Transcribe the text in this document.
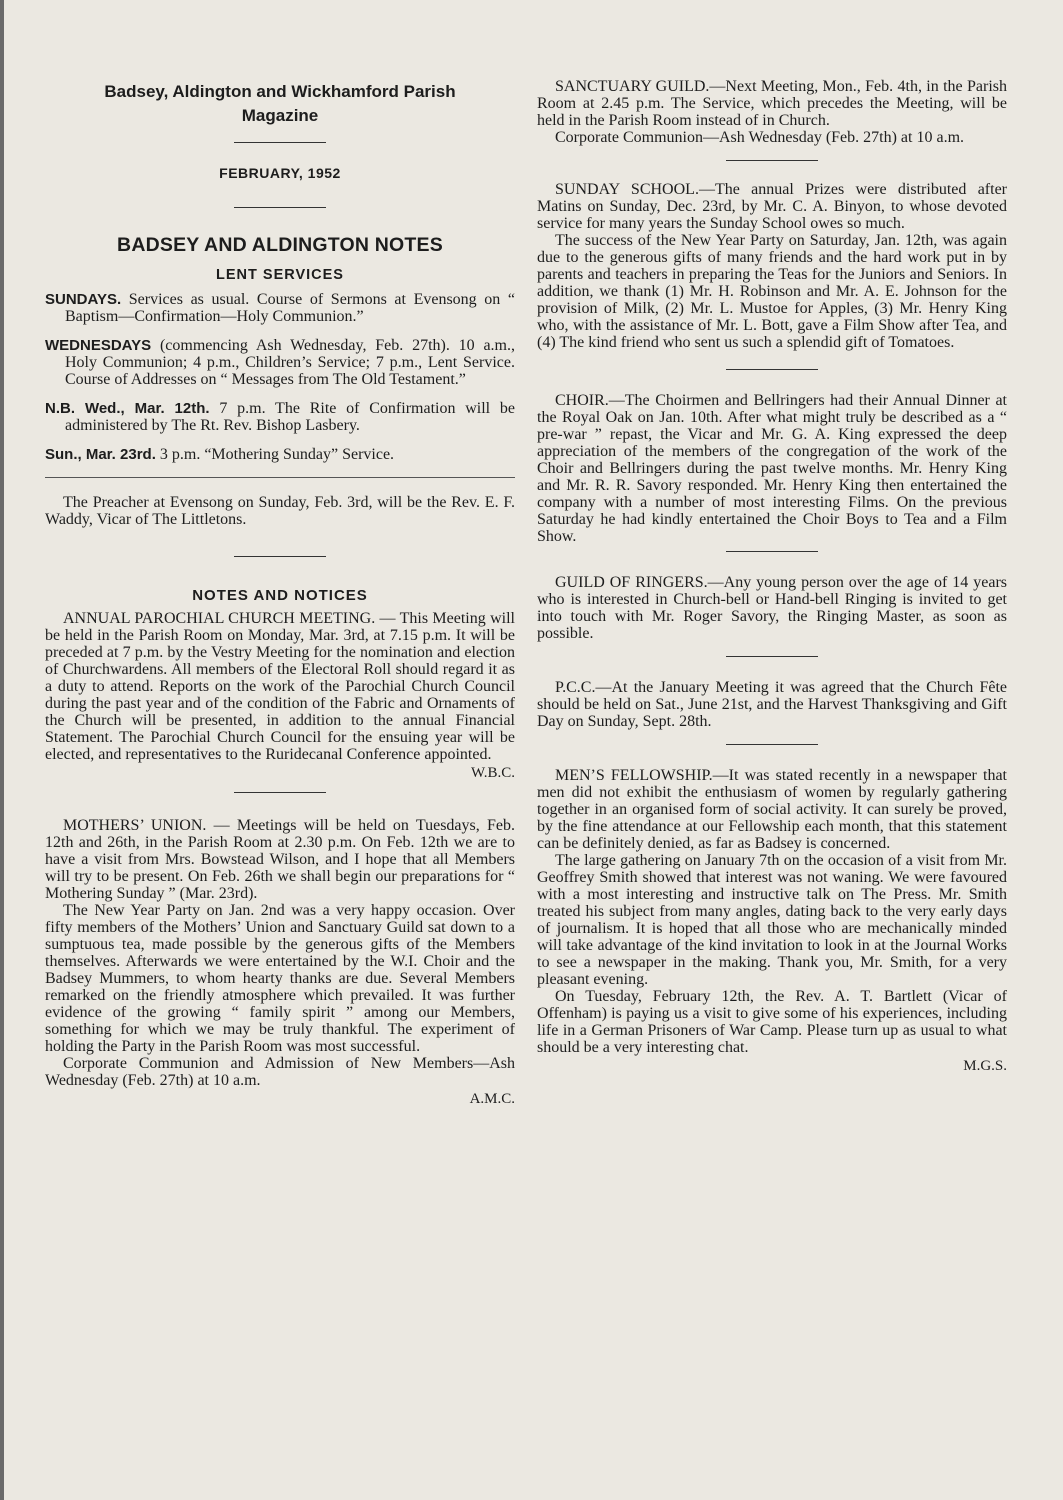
Badsey, Aldington and Wickhamford Parish
Magazine
FEBRUARY, 1952
BADSEY AND ALDINGTON NOTES
LENT SERVICES
SUNDAYS. Services as usual. Course of Sermons at Evensong on “ Baptism—Confirmation—Holy Communion.”
WEDNESDAYS (commencing Ash Wednesday, Feb. 27th). 10 a.m., Holy Communion; 4 p.m., Children’s Service; 7 p.m., Lent Service. Course of Addresses on “ Messages from The Old Testament.”
N.B. Wed., Mar. 12th. 7 p.m. The Rite of Confirmation will be administered by The Rt. Rev. Bishop Lasbery.
Sun., Mar. 23rd. 3 p.m. “Mothering Sunday” Service.

The Preacher at Evensong on Sunday, Feb. 3rd, will be the Rev. E. F. Waddy, Vicar of The Littletons.

NOTES AND NOTICES

ANNUAL PAROCHIAL CHURCH MEETING. — This Meeting will be held in the Parish Room on Monday, Mar. 3rd, at 7.15 p.m. It will be preceded at 7 p.m. by the Vestry Meeting for the nomination and election of Churchwardens. All members of the Electoral Roll should regard it as a duty to attend. Reports on the work of the Parochial Church Council during the past year and of the condition of the Fabric and Ornaments of the Church will be presented, in addition to the annual Financial Statement. The Parochial Church Council for the ensuing year will be elected, and representatives to the Ruridecanal Conference appointed.

W.B.C.

MOTHERS’ UNION. — Meetings will be held on Tuesdays, Feb. 12th and 26th, in the Parish Room at 2.30 p.m. On Feb. 12th we are to have a visit from Mrs. Bowstead Wilson, and I hope that all Members will try to be present. On Feb. 26th we shall begin our preparations for “ Mothering Sunday ” (Mar. 23rd).

The New Year Party on Jan. 2nd was a very happy occasion. Over fifty members of the Mothers’ Union and Sanctuary Guild sat down to a sumptuous tea, made possible by the generous gifts of the Members themselves. Afterwards we were entertained by the W.I. Choir and the Badsey Mummers, to whom hearty thanks are due. Several Members remarked on the friendly atmosphere which prevailed. It was further evidence of the growing “ family spirit ” among our Members, something for which we may be truly thankful. The experiment of holding the Party in the Parish Room was most successful.

Corporate Communion and Admission of New Members—Ash Wednesday (Feb. 27th) at 10 a.m.

A.M.C.

SANCTUARY GUILD.—Next Meeting, Mon., Feb. 4th, in the Parish Room at 2.45 p.m. The Service, which precedes the Meeting, will be held in the Parish Room instead of in Church.

Corporate Communion—Ash Wednesday (Feb. 27th) at 10 a.m.

SUNDAY SCHOOL.—The annual Prizes were distributed after Matins on Sunday, Dec. 23rd, by Mr. C. A. Binyon, to whose devoted service for many years the Sunday School owes so much.

The success of the New Year Party on Saturday, Jan. 12th, was again due to the generous gifts of many friends and the hard work put in by parents and teachers in preparing the Teas for the Juniors and Seniors. In addition, we thank (1) Mr. H. Robinson and Mr. A. E. Johnson for the provision of Milk, (2) Mr. L. Mustoe for Apples, (3) Mr. Henry King who, with the assistance of Mr. L. Bott, gave a Film Show after Tea, and (4) The kind friend who sent us such a splendid gift of Tomatoes.

CHOIR.—The Choirmen and Bellringers had their Annual Dinner at the Royal Oak on Jan. 10th. After what might truly be described as a “ pre-war ” repast, the Vicar and Mr. G. A. King expressed the deep appreciation of the members of the congregation of the work of the Choir and Bellringers during the past twelve months. Mr. Henry King and Mr. R. R. Savory responded. Mr. Henry King then entertained the company with a number of most interesting Films. On the previous Saturday he had kindly entertained the Choir Boys to Tea and a Film Show.

GUILD OF RINGERS.—Any young person over the age of 14 years who is interested in Church-bell or Hand-bell Ringing is invited to get into touch with Mr. Roger Savory, the Ringing Master, as soon as possible.

P.C.C.—At the January Meeting it was agreed that the Church Fête should be held on Sat., June 21st, and the Harvest Thanksgiving and Gift Day on Sunday, Sept. 28th.

MEN’S FELLOWSHIP.—It was stated recently in a newspaper that men did not exhibit the enthusiasm of women by regularly gathering together in an organised form of social activity. It can surely be proved, by the fine attendance at our Fellowship each month, that this statement can be definitely denied, as far as Badsey is concerned.

The large gathering on January 7th on the occasion of a visit from Mr. Geoffrey Smith showed that interest was not waning. We were favoured with a most interesting and instructive talk on The Press. Mr. Smith treated his subject from many angles, dating back to the very early days of journalism. It is hoped that all those who are mechanically minded will take advantage of the kind invitation to look in at the Journal Works to see a newspaper in the making. Thank you, Mr. Smith, for a very pleasant evening.

On Tuesday, February 12th, the Rev. A. T. Bartlett (Vicar of Offenham) is paying us a visit to give some of his experiences, including life in a German Prisoners of War Camp. Please turn up as usual to what should be a very interesting chat.

M.G.S.
